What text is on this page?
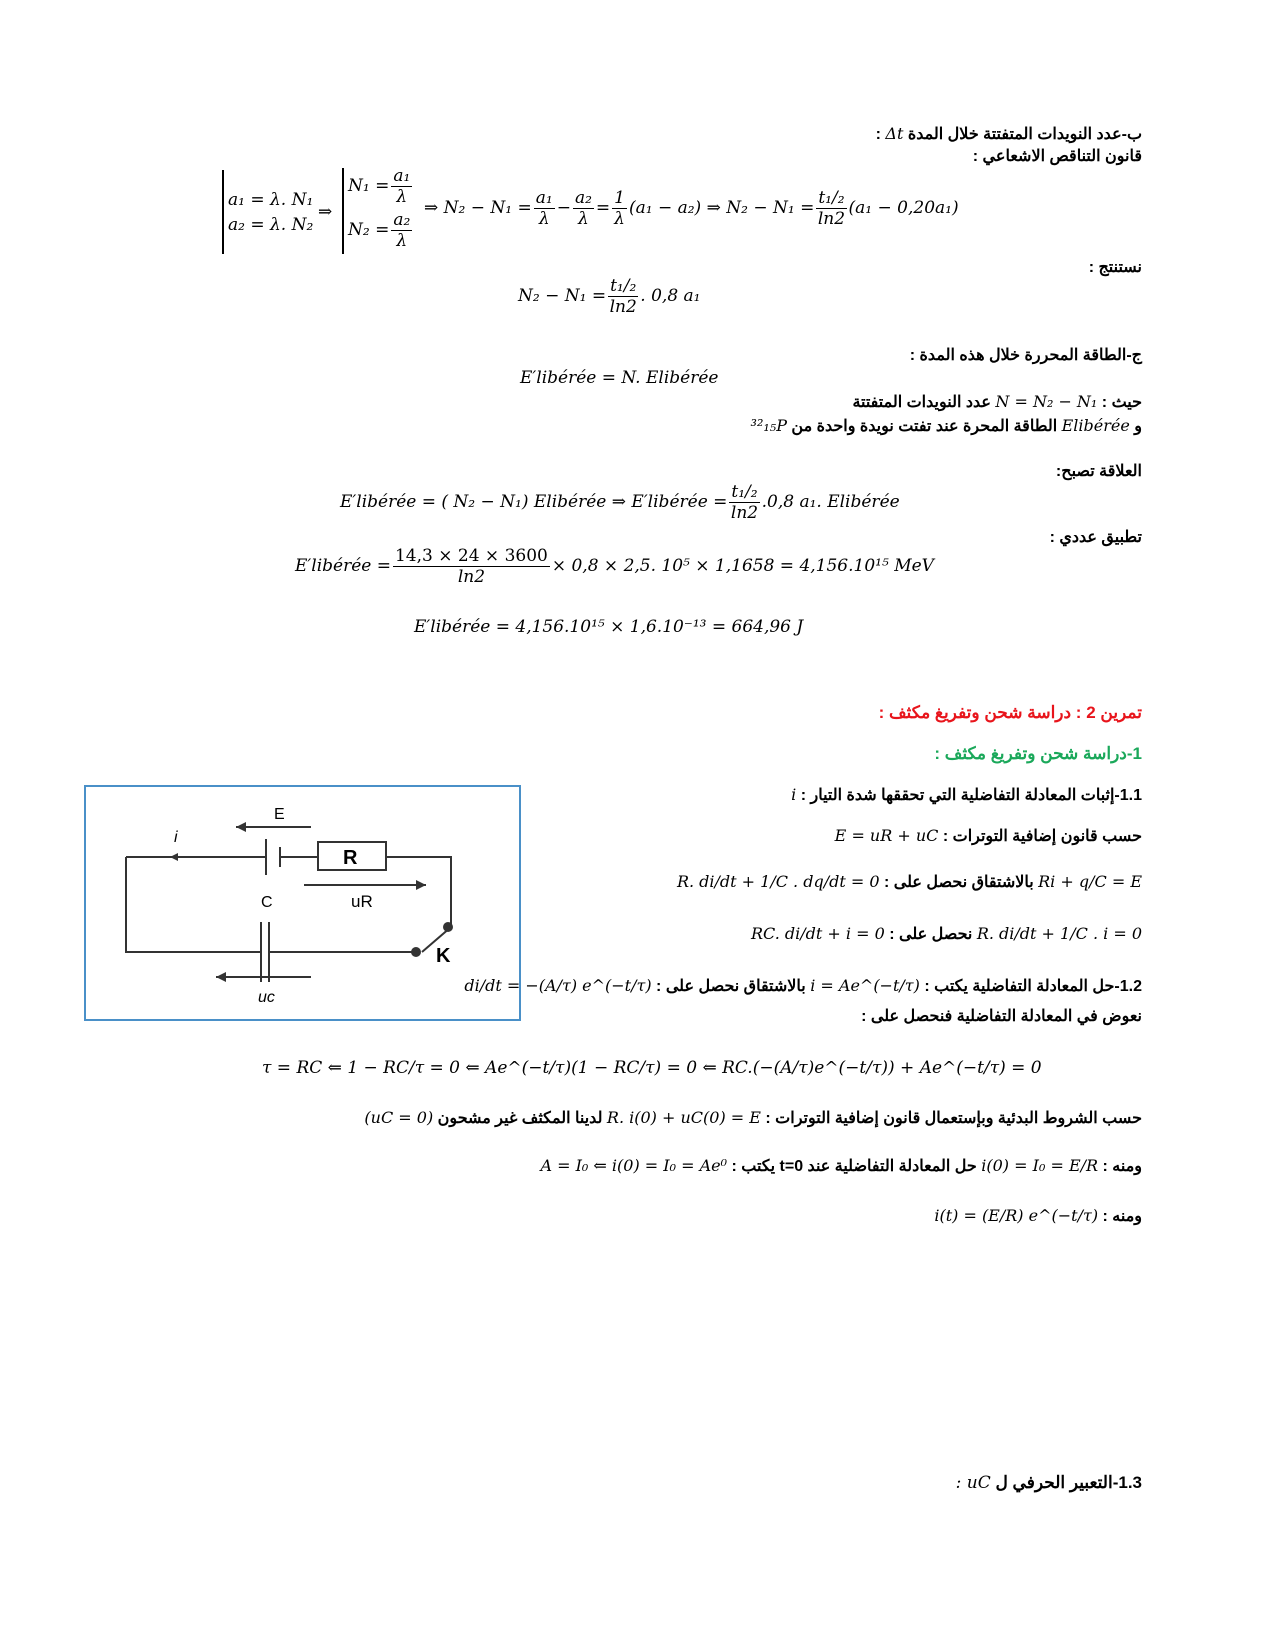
ب-عدد النويدات المتفتتة خلال المدة Δt :
قانون التناقص الاشعاعي :
a₁ = λ. N₁
a₂ = λ. N₂
⇒
$N_1 = \frac{\text{a₁}}{\lambda}$
$N_2 = \frac{\text{a₂}}{\lambda}$
⇒ $N_2 - N_1 = \frac{\text{a₁}}{\lambda} - \frac{\text{a₂}}{\lambda} = \frac{1}{\lambda} (a_1 - a_2)$ ⇒ $N_2 - N_1 = \frac{\text{t₁/₂}}{\ln 2} (a_1 - 0,20a_1)$
نستنتج :
$N_2 - N_1 = \frac{\text{t₁/₂}}{\ln 2}$ . 0,8 a₁
ج-الطاقة المحررة خلال هذه المدة :
E′libérée = N. Elibérée
حيث : N = N₂ − N₁ عدد النويدات المتفتتة
و Elibérée الطاقة المحرة عند تفتت نويدة واحدة من ³²₁₅P
العلاقة تصبح:
E′libérée = ( N₂ − N₁) Elibérée ⇒ E′libérée = $\frac{\text{t₁/₂}}{\ln 2} .0,8$ a₁. Elibérée
تطبيق عددي :
E′libérée = $\frac{14,3 \times 24 \times 3600}{\ln 2} \times 0,8 \times 2,5$. 10⁵ × 1,1658 = 4,156.10¹⁵ MeV
E′libérée = 4,156.10¹⁵ × 1,6.10⁻¹³ = 664,96 J
تمرين 2 : دراسة شحن وتفريغ مكثف :
1-دراسة شحن وتفريغ مكثف :
E
i
R
uR
C
K
uc
1.1-إثبات المعادلة التفاضلية التي تحققها شدة التيار : i
حسب قانون إضافية التوترات : E = uR + uC
Ri + q/C = E بالاشتقاق نحصل على : R. di/dt + 1/C . dq/dt = 0
R. di/dt + 1/C . i = 0 نحصل على : RC. di/dt + i = 0
1.2-حل المعادلة التفاضلية يكتب : i = Ae^(−t/τ) بالاشتقاق نحصل على : di/dt = −(A/τ) e^(−t/τ)
نعوض في المعادلة التفاضلية فنحصل على :
τ = RC ⇐ 1 − RC/τ = 0 ⇐ Ae^(−t/τ)(1 − RC/τ) = 0 ⇐ RC.(−(A/τ)e^(−t/τ)) + Ae^(−t/τ) = 0
حسب الشروط البدئية وبإستعمال قانون إضافية التوترات : R. i(0) + uC(0) = E لدينا المكثف غير مشحون (uC = 0)
ومنه : i(0) = I₀ = E/R حل المعادلة التفاضلية عند t=0 يكتب : A = I₀ ⇐ i(0) = I₀ = Ae⁰
ومنه : i(t) = (E/R) e^(−t/τ)
1.3-التعبير الحرفي ل uC :
